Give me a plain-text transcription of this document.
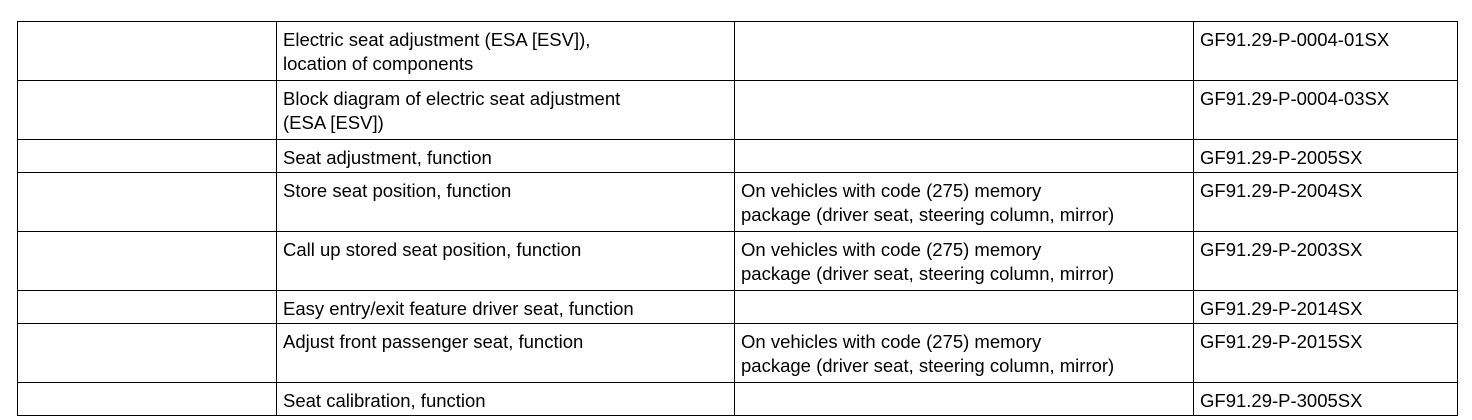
	Electric seat adjustment (ESA [ESV]),
location of components		GF91.29-P-0004-01SX

	Block diagram of electric seat adjustment
(ESA [ESV])		GF91.29-P-0004-03SX

	Seat adjustment, function		GF91.29-P-2005SX

	Store seat position, function	On vehicles with code (275) memory
package (driver seat, steering column, mirror)	GF91.29-P-2004SX

	Call up stored seat position, function	On vehicles with code (275) memory
package (driver seat, steering column, mirror)	GF91.29-P-2003SX

	Easy entry/exit feature driver seat, function		GF91.29-P-2014SX

	Adjust front passenger seat, function	On vehicles with code (275) memory
package (driver seat, steering column, mirror)	GF91.29-P-2015SX

	Seat calibration, function		GF91.29-P-3005SX
